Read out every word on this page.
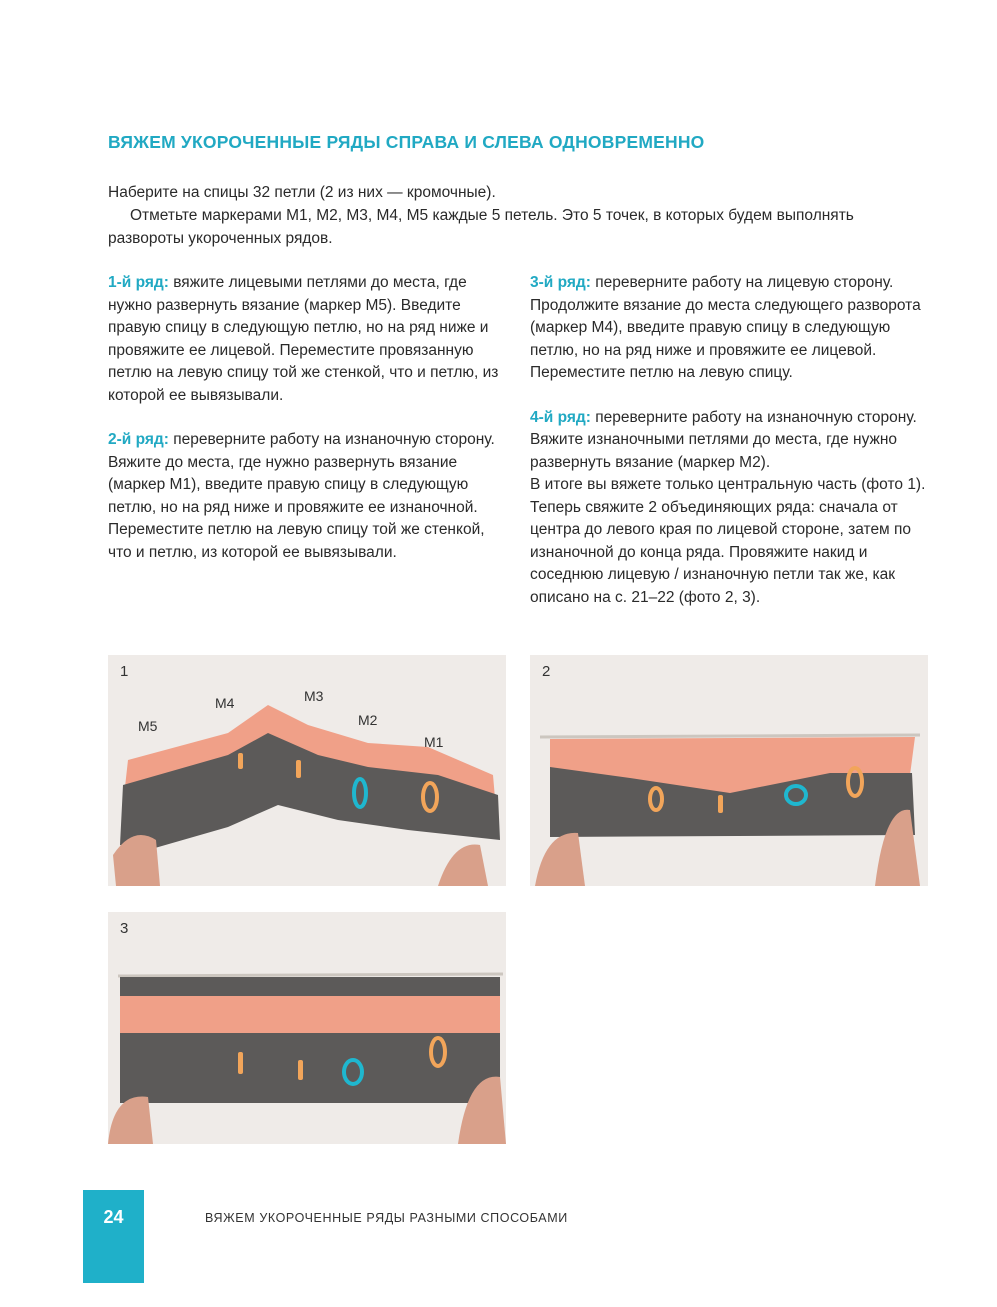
ВЯЖЕМ УКОРОЧЕННЫЕ РЯДЫ СПРАВА И СЛЕВА ОДНОВРЕМЕННО

Наберите на спицы 32 петли (2 из них — кромочные).

Отметьте маркерами М1, М2, М3, М4, М5 каждые 5 петель. Это 5 точек, в которых будем выполнять развороты укороченных рядов.

1-й ряд: вяжите лицевыми петлями до места, где нужно развернуть вязание (маркер М5). Введите правую спицу в следующую петлю, но на ряд ниже и провяжите ее лицевой. Переместите провязанную петлю на левую спицу той же стенкой, что и петлю, из которой ее вывязывали.

2-й ряд: переверните работу на изнаночную сторону. Вяжите до места, где нужно развернуть вязание (маркер М1), введите правую спицу в следующую петлю, но на ряд ниже и провяжите ее изнаночной. Переместите петлю на левую спицу той же стенкой, что и петлю, из которой ее вывязывали.

3-й ряд: переверните работу на лицевую сторону. Продолжите вязание до места следующего разворота (маркер М4), введите правую спицу в следующую петлю, но на ряд ниже и провяжите ее лицевой. Переместите петлю на левую спицу.

4-й ряд: переверните работу на изнаночную сторону. Вяжите изнаночными петлями до места, где нужно развернуть вязание (маркер М2).
В итоге вы вяжете только центральную часть (фото 1). Теперь свяжите 2 объединяющих ряда: сначала от центра до левого края по лицевой стороне, затем по изнаночной до конца ряда. Провяжите накид и соседнюю лицевую / изнаночную петли так же, как описано на с. 21–22 (фото 2, 3).

М5
М4	М3
М2
М1
1	2
3
24	ВЯЖЕМ УКОРОЧЕННЫЕ РЯДЫ РАЗНЫМИ СПОСОБАМИ
